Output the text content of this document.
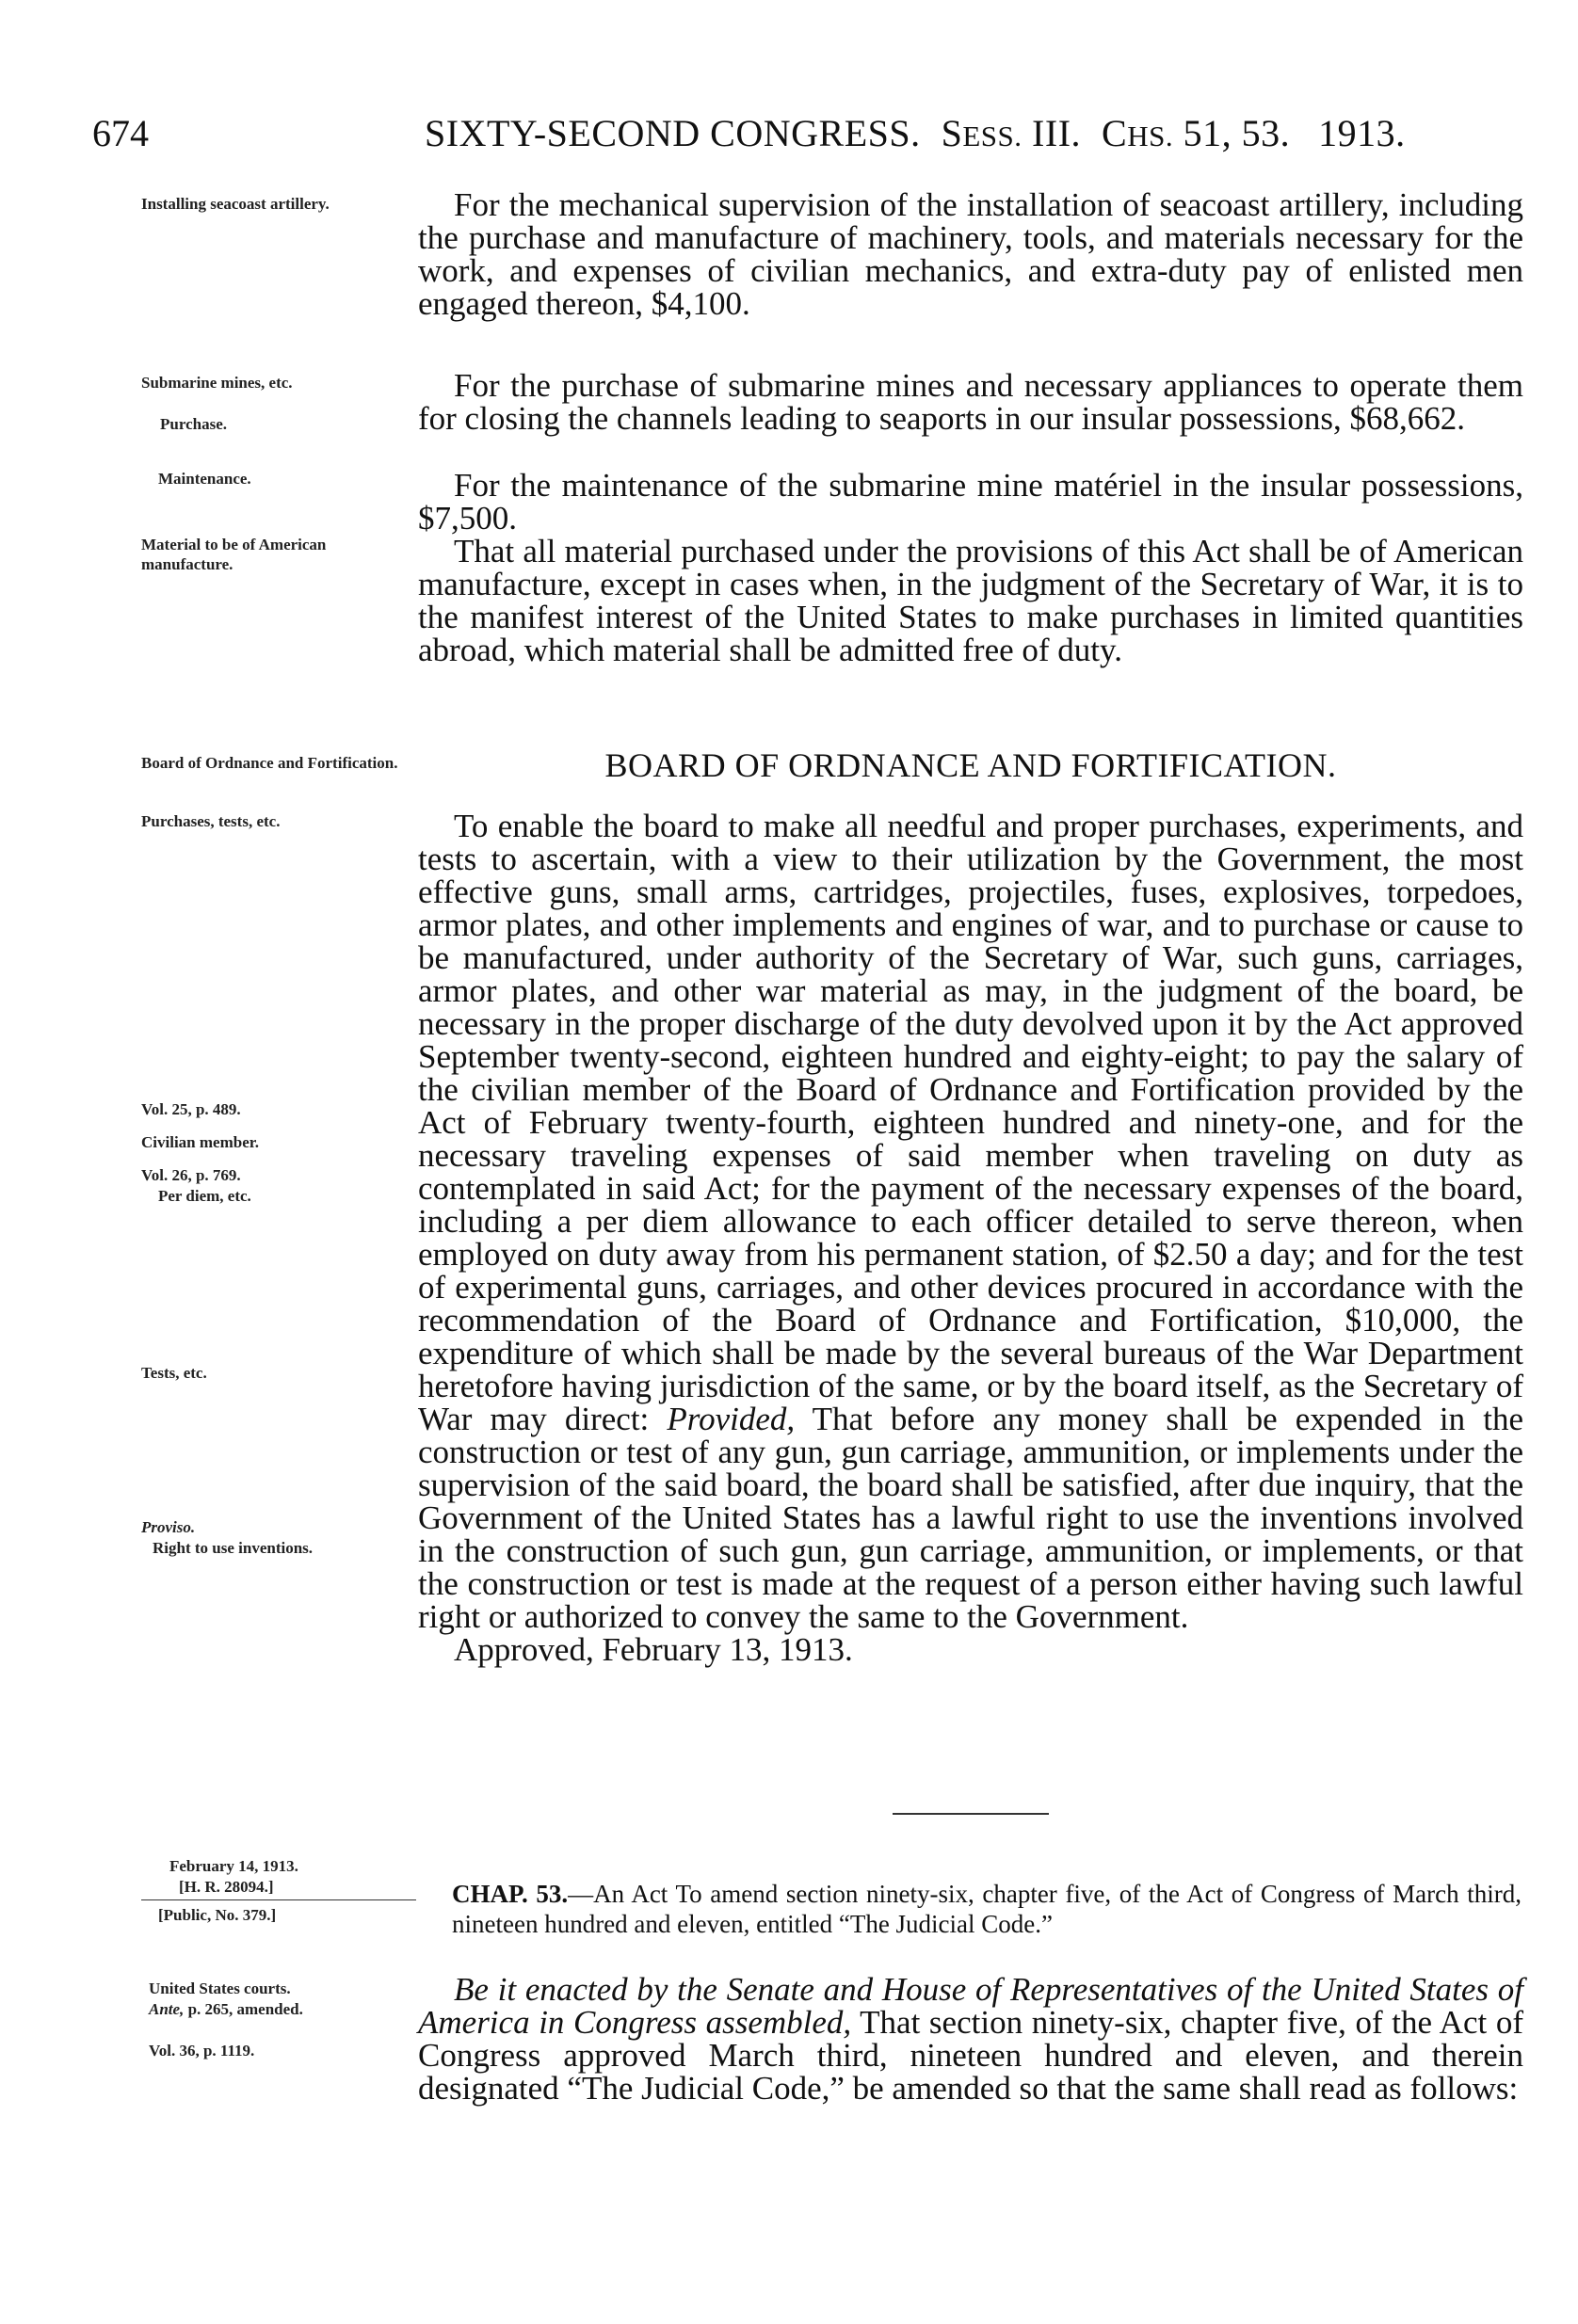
674	SIXTY-SECOND CONGRESS. SESS. III. CHS. 51, 53. 1913.
Installing seacoast artillery.
Submarine mines, etc.
Purchase.
Maintenance.
Material to be of American manufacture.
Board of Ordnance and Fortification.
Purchases, tests, etc.
Vol. 25, p. 489.
Civilian member.
Vol. 26, p. 769.
Per diem, etc.
Tests, etc.
Proviso.
Right to use inventions.
February 14, 1913.
[H. R. 28094.]
[Public, No. 379.]
United States courts.
Ante, p. 265, amended.
Vol. 36, p. 1119.

For the mechanical supervision of the installation of seacoast artillery, including the purchase and manufacture of machinery, tools, and materials necessary for the work, and expenses of civilian mechanics, and extra-duty pay of enlisted men engaged thereon, $4,100.

For the purchase of submarine mines and necessary appliances to operate them for closing the channels leading to seaports in our insular possessions, $68,662.

For the maintenance of the submarine mine matériel in the insular possessions, $7,500.

That all material purchased under the provisions of this Act shall be of American manufacture, except in cases when, in the judgment of the Secretary of War, it is to the manifest interest of the United States to make purchases in limited quantities abroad, which material shall be admitted free of duty.

BOARD OF ORDNANCE AND FORTIFICATION.

To enable the board to make all needful and proper purchases, experiments, and tests to ascertain, with a view to their utilization by the Government, the most effective guns, small arms, cartridges, projectiles, fuses, explosives, torpedoes, armor plates, and other implements and engines of war, and to purchase or cause to be manufactured, under authority of the Secretary of War, such guns, carriages, armor plates, and other war material as may, in the judgment of the board, be necessary in the proper discharge of the duty devolved upon it by the Act approved September twenty-second, eighteen hundred and eighty-eight; to pay the salary of the civilian member of the Board of Ordnance and Fortification provided by the Act of February twenty-fourth, eighteen hundred and ninety-one, and for the necessary traveling expenses of said member when traveling on duty as contemplated in said Act; for the payment of the necessary expenses of the board, including a per diem allowance to each officer detailed to serve thereon, when employed on duty away from his permanent station, of $2.50 a day; and for the test of experimental guns, carriages, and other devices procured in accordance with the recommendation of the Board of Ordnance and Fortification, $10,000, the expenditure of which shall be made by the several bureaus of the War Department heretofore having jurisdiction of the same, or by the board itself, as the Secretary of War may direct: Provided, That before any money shall be expended in the construction or test of any gun, gun carriage, ammunition, or implements under the supervision of the said board, the board shall be satisfied, after due inquiry, that the Government of the United States has a lawful right to use the inventions involved in the construction of such gun, gun carriage, ammunition, or implements, or that the construction or test is made at the request of a person either having such lawful right or authorized to convey the same to the Government.

Approved, February 13, 1913.

CHAP. 53.—An Act To amend section ninety-six, chapter five, of the Act of Congress of March third, nineteen hundred and eleven, entitled “The Judicial Code.”

Be it enacted by the Senate and House of Representatives of the United States of America in Congress assembled, That section ninety-six, chapter five, of the Act of Congress approved March third, nineteen hundred and eleven, and therein designated “The Judicial Code,” be amended so that the same shall read as follows:
